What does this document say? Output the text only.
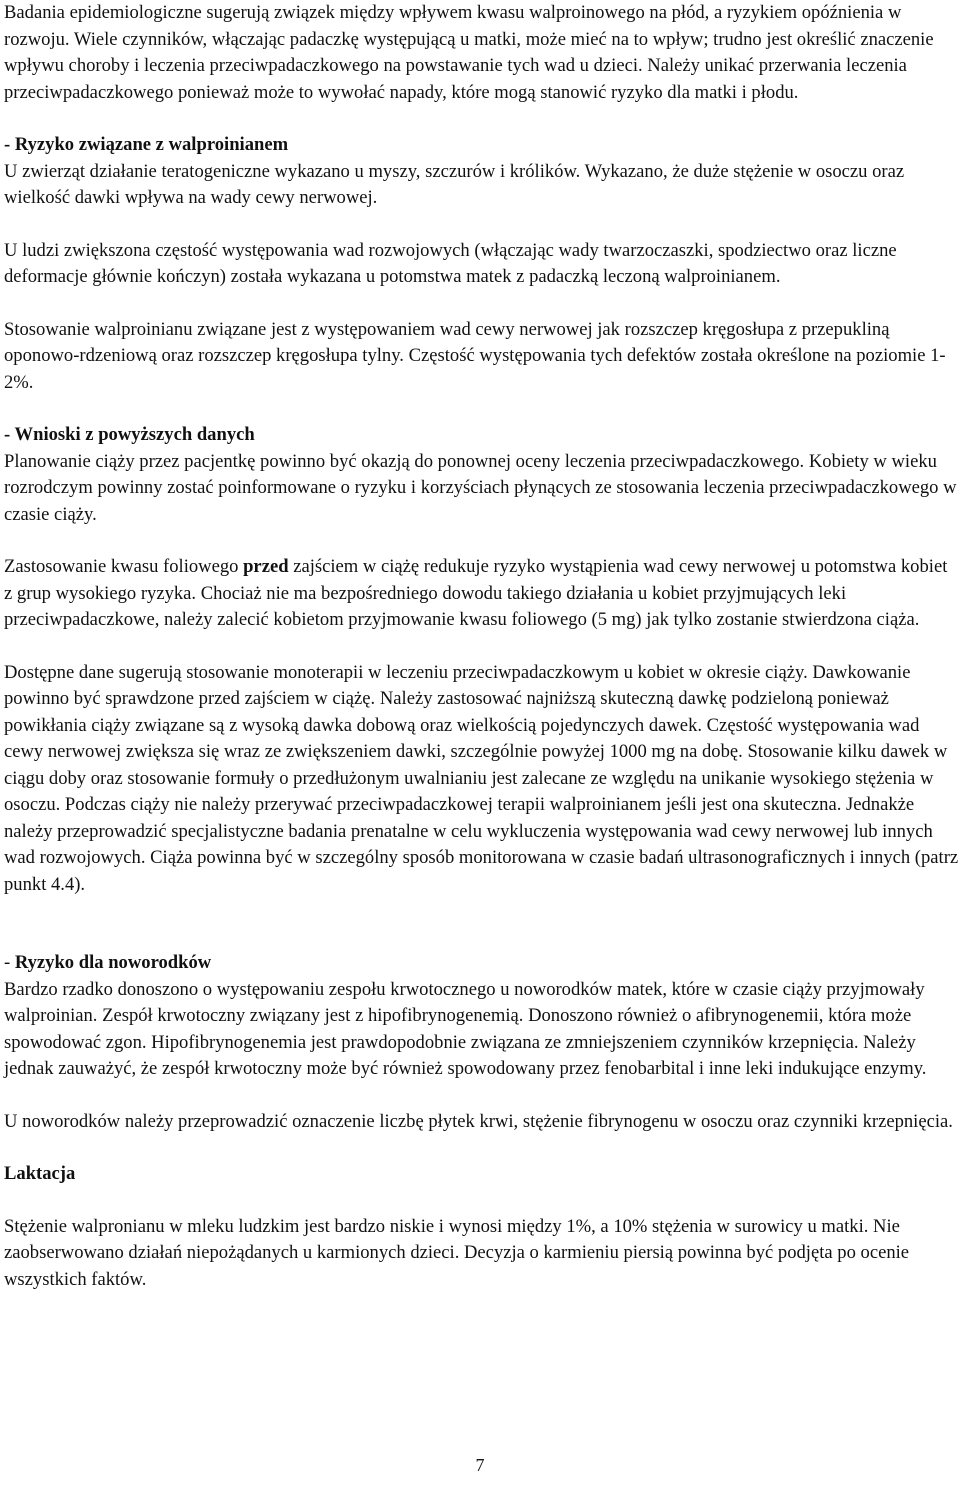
Badania epidemiologiczne sugerują związek między wpływem kwasu walproinowego na płód, a ryzykiem opóźnienia w rozwoju. Wiele czynników, włączając padaczkę występującą u matki, może mieć na to wpływ; trudno jest określić znaczenie wpływu choroby i leczenia przeciwpadaczkowego na powstawanie tych wad u dzieci. Należy unikać przerwania leczenia przeciwpadaczkowego ponieważ może to wywołać napady, które mogą stanowić ryzyko dla matki i płodu.

- Ryzyko związane z walproinianem

U zwierząt działanie teratogeniczne wykazano u myszy, szczurów i królików. Wykazano, że duże stężenie w osoczu oraz wielkość dawki wpływa na wady cewy nerwowej.

U ludzi zwiększona częstość występowania wad rozwojowych (włączając wady twarzoczaszki, spodziectwo oraz liczne deformacje głównie kończyn) została wykazana u potomstwa matek z padaczką leczoną walproinianem.

Stosowanie walproinianu związane jest z występowaniem wad cewy nerwowej jak rozszczep kręgosłupa z przepukliną oponowo-rdzeniową oraz rozszczep kręgosłupa tylny. Częstość występowania tych defektów została określone na poziomie 1-2%.

- Wnioski z powyższych danych

Planowanie ciąży przez pacjentkę powinno być okazją do ponownej oceny leczenia przeciwpadaczkowego. Kobiety w wieku rozrodczym powinny zostać poinformowane o ryzyku i korzyściach płynących ze stosowania leczenia przeciwpadaczkowego w czasie ciąży.

Zastosowanie kwasu foliowego przed zajściem w ciążę redukuje ryzyko wystąpienia wad cewy nerwowej u potomstwa kobiet z grup wysokiego ryzyka. Chociaż nie ma bezpośredniego dowodu takiego działania u kobiet przyjmujących leki przeciwpadaczkowe, należy zalecić kobietom przyjmowanie kwasu foliowego (5 mg) jak tylko zostanie stwierdzona ciąża.

Dostępne dane sugerują stosowanie monoterapii w leczeniu przeciwpadaczkowym u kobiet w okresie ciąży. Dawkowanie powinno być sprawdzone przed zajściem w ciążę. Należy zastosować najniższą skuteczną dawkę podzieloną ponieważ powikłania ciąży związane są z wysoką dawka dobową oraz wielkością pojedynczych dawek. Częstość występowania wad cewy nerwowej zwiększa się wraz ze zwiększeniem dawki, szczególnie powyżej 1000 mg na dobę. Stosowanie kilku dawek w ciągu doby oraz stosowanie formuły o przedłużonym uwalnianiu jest zalecane ze względu na unikanie wysokiego stężenia w osoczu. Podczas ciąży nie należy przerywać przeciwpadaczkowej terapii walproinianem jeśli jest ona skuteczna. Jednakże należy przeprowadzić specjalistyczne badania prenatalne w celu wykluczenia występowania wad cewy nerwowej lub innych wad rozwojowych. Ciąża powinna być w szczególny sposób monitorowana w czasie badań ultrasonograficznych i innych (patrz punkt 4.4).

- Ryzyko dla noworodków

Bardzo rzadko donoszono o występowaniu zespołu krwotocznego u noworodków matek, które w czasie ciąży przyjmowały walproinian. Zespół krwotoczny związany jest z hipofibrynogenemią. Donoszono również o afibrynogenemii, która może spowodować zgon. Hipofibrynogenemia jest prawdopodobnie związana ze zmniejszeniem czynników krzepnięcia. Należy jednak zauważyć, że zespół krwotoczny może być również spowodowany przez fenobarbital i inne leki indukujące enzymy.

U noworodków należy przeprowadzić oznaczenie liczbę płytek krwi, stężenie fibrynogenu w osoczu oraz czynniki krzepnięcia.

Laktacja

Stężenie walpronianu w mleku ludzkim jest bardzo niskie i wynosi między 1%, a 10% stężenia w surowicy u matki. Nie zaobserwowano działań niepożądanych u karmionych dzieci. Decyzja o karmieniu piersią powinna być podjęta po ocenie wszystkich faktów.

7
